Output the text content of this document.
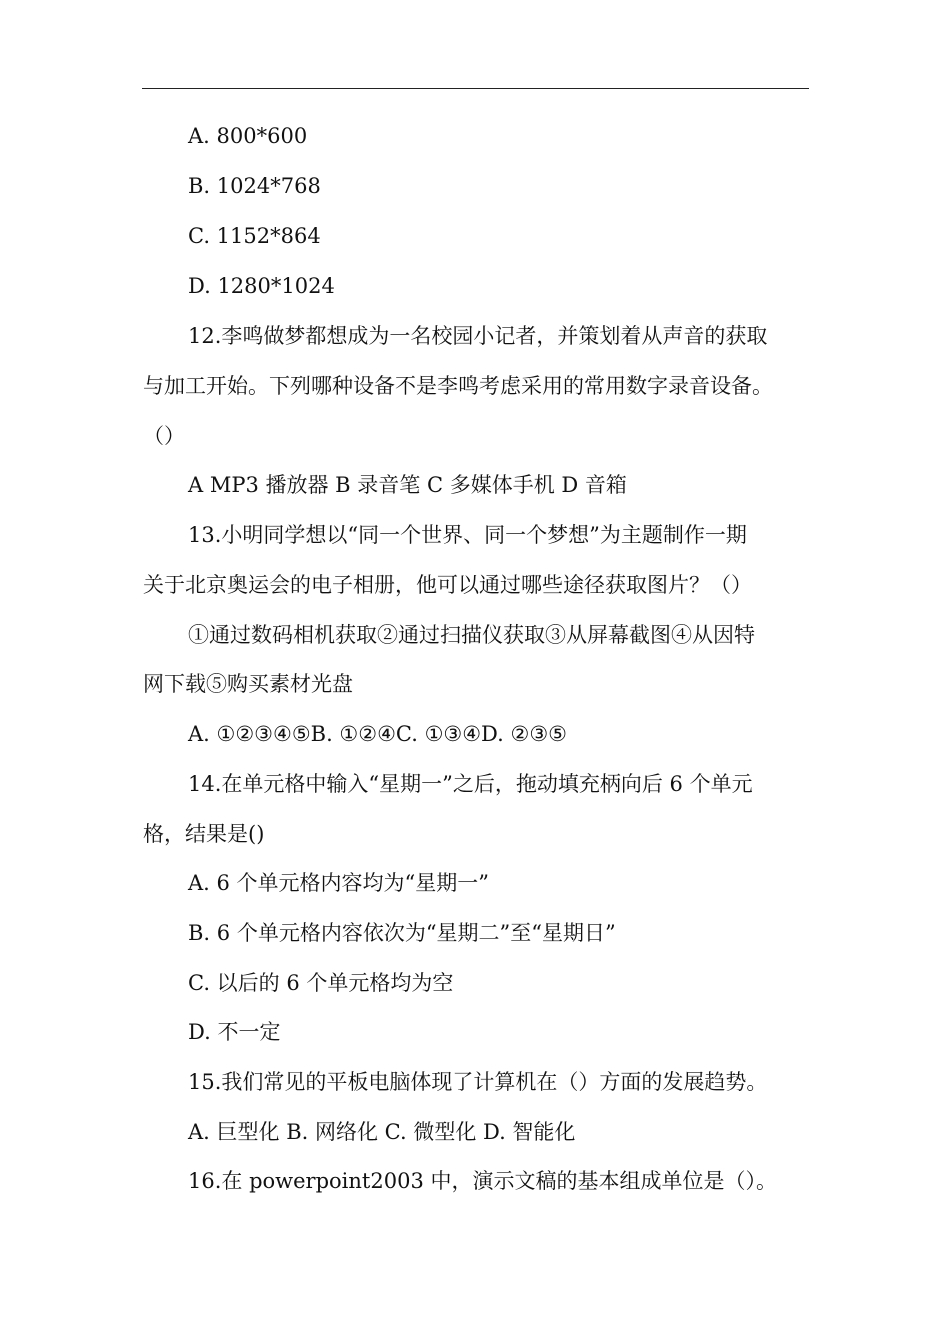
A. 800*600
B. 1024*768
C. 1152*864
D. 1280*1024
12.李鸣做梦都想成为一名校园小记者，并策划着从声音的获取
与加工开始。下列哪种设备不是李鸣考虑采用的常用数字录音设备。
（）
A MP3 播放器 B 录音笔 C 多媒体手机 D 音箱
13.小明同学想以“同一个世界、同一个梦想”为主题制作一期
关于北京奥运会的电子相册，他可以通过哪些途径获取图片？（）
①通过数码相机获取②通过扫描仪获取③从屏幕截图④从因特
网下载⑤购买素材光盘
A. ①②③④⑤B. ①②④C. ①③④D. ②③⑤
14.在单元格中输入“星期一”之后，拖动填充柄向后 6 个单元
格，结果是()
A. 6 个单元格内容均为“星期一”
B. 6 个单元格内容依次为“星期二”至“星期日”
C. 以后的 6 个单元格均为空
D. 不一定
15.我们常见的平板电脑体现了计算机在（）方面的发展趋势。
A. 巨型化 B. 网络化 C. 微型化 D. 智能化
16.在 powerpoint2003 中，演示文稿的基本组成单位是（）。
